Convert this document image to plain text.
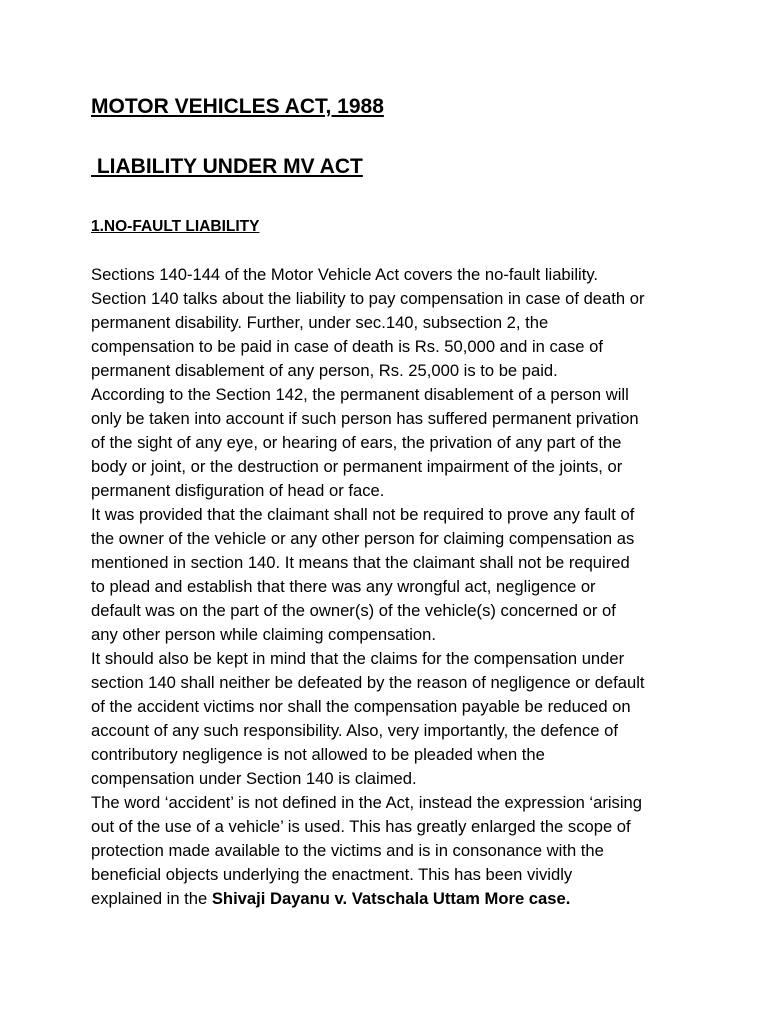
MOTOR VEHICLES ACT, 1988
LIABILITY UNDER MV ACT
1.NO-FAULT LIABILITY
Sections 140-144 of the Motor Vehicle Act covers the no-fault liability.
Section 140 talks about the liability to pay compensation in case of death or
permanent disability. Further, under sec.140, subsection 2, the
compensation to be paid in case of death is Rs. 50,000 and in case of
permanent disablement of any person, Rs. 25,000 is to be paid.
According to the Section 142, the permanent disablement of a person will
only be taken into account if such person has suffered permanent privation
of the sight of any eye, or hearing of ears, the privation of any part of the
body or joint, or the destruction or permanent impairment of the joints, or
permanent disfiguration of head or face.
It was provided that the claimant shall not be required to prove any fault of
the owner of the vehicle or any other person for claiming compensation as
mentioned in section 140. It means that the claimant shall not be required
to plead and establish that there was any wrongful act, negligence or
default was on the part of the owner(s) of the vehicle(s) concerned or of
any other person while claiming compensation.
It should also be kept in mind that the claims for the compensation under
section 140 shall neither be defeated by the reason of negligence or default
of the accident victims nor shall the compensation payable be reduced on
account of any such responsibility. Also, very importantly, the defence of
contributory negligence is not allowed to be pleaded when the
compensation under Section 140 is claimed.
The word ‘accident’ is not defined in the Act, instead the expression ‘arising
out of the use of a vehicle’ is used. This has greatly enlarged the scope of
protection made available to the victims and is in consonance with the
beneficial objects underlying the enactment. This has been vividly
explained in the Shivaji Dayanu v. Vatschala Uttam More case.
